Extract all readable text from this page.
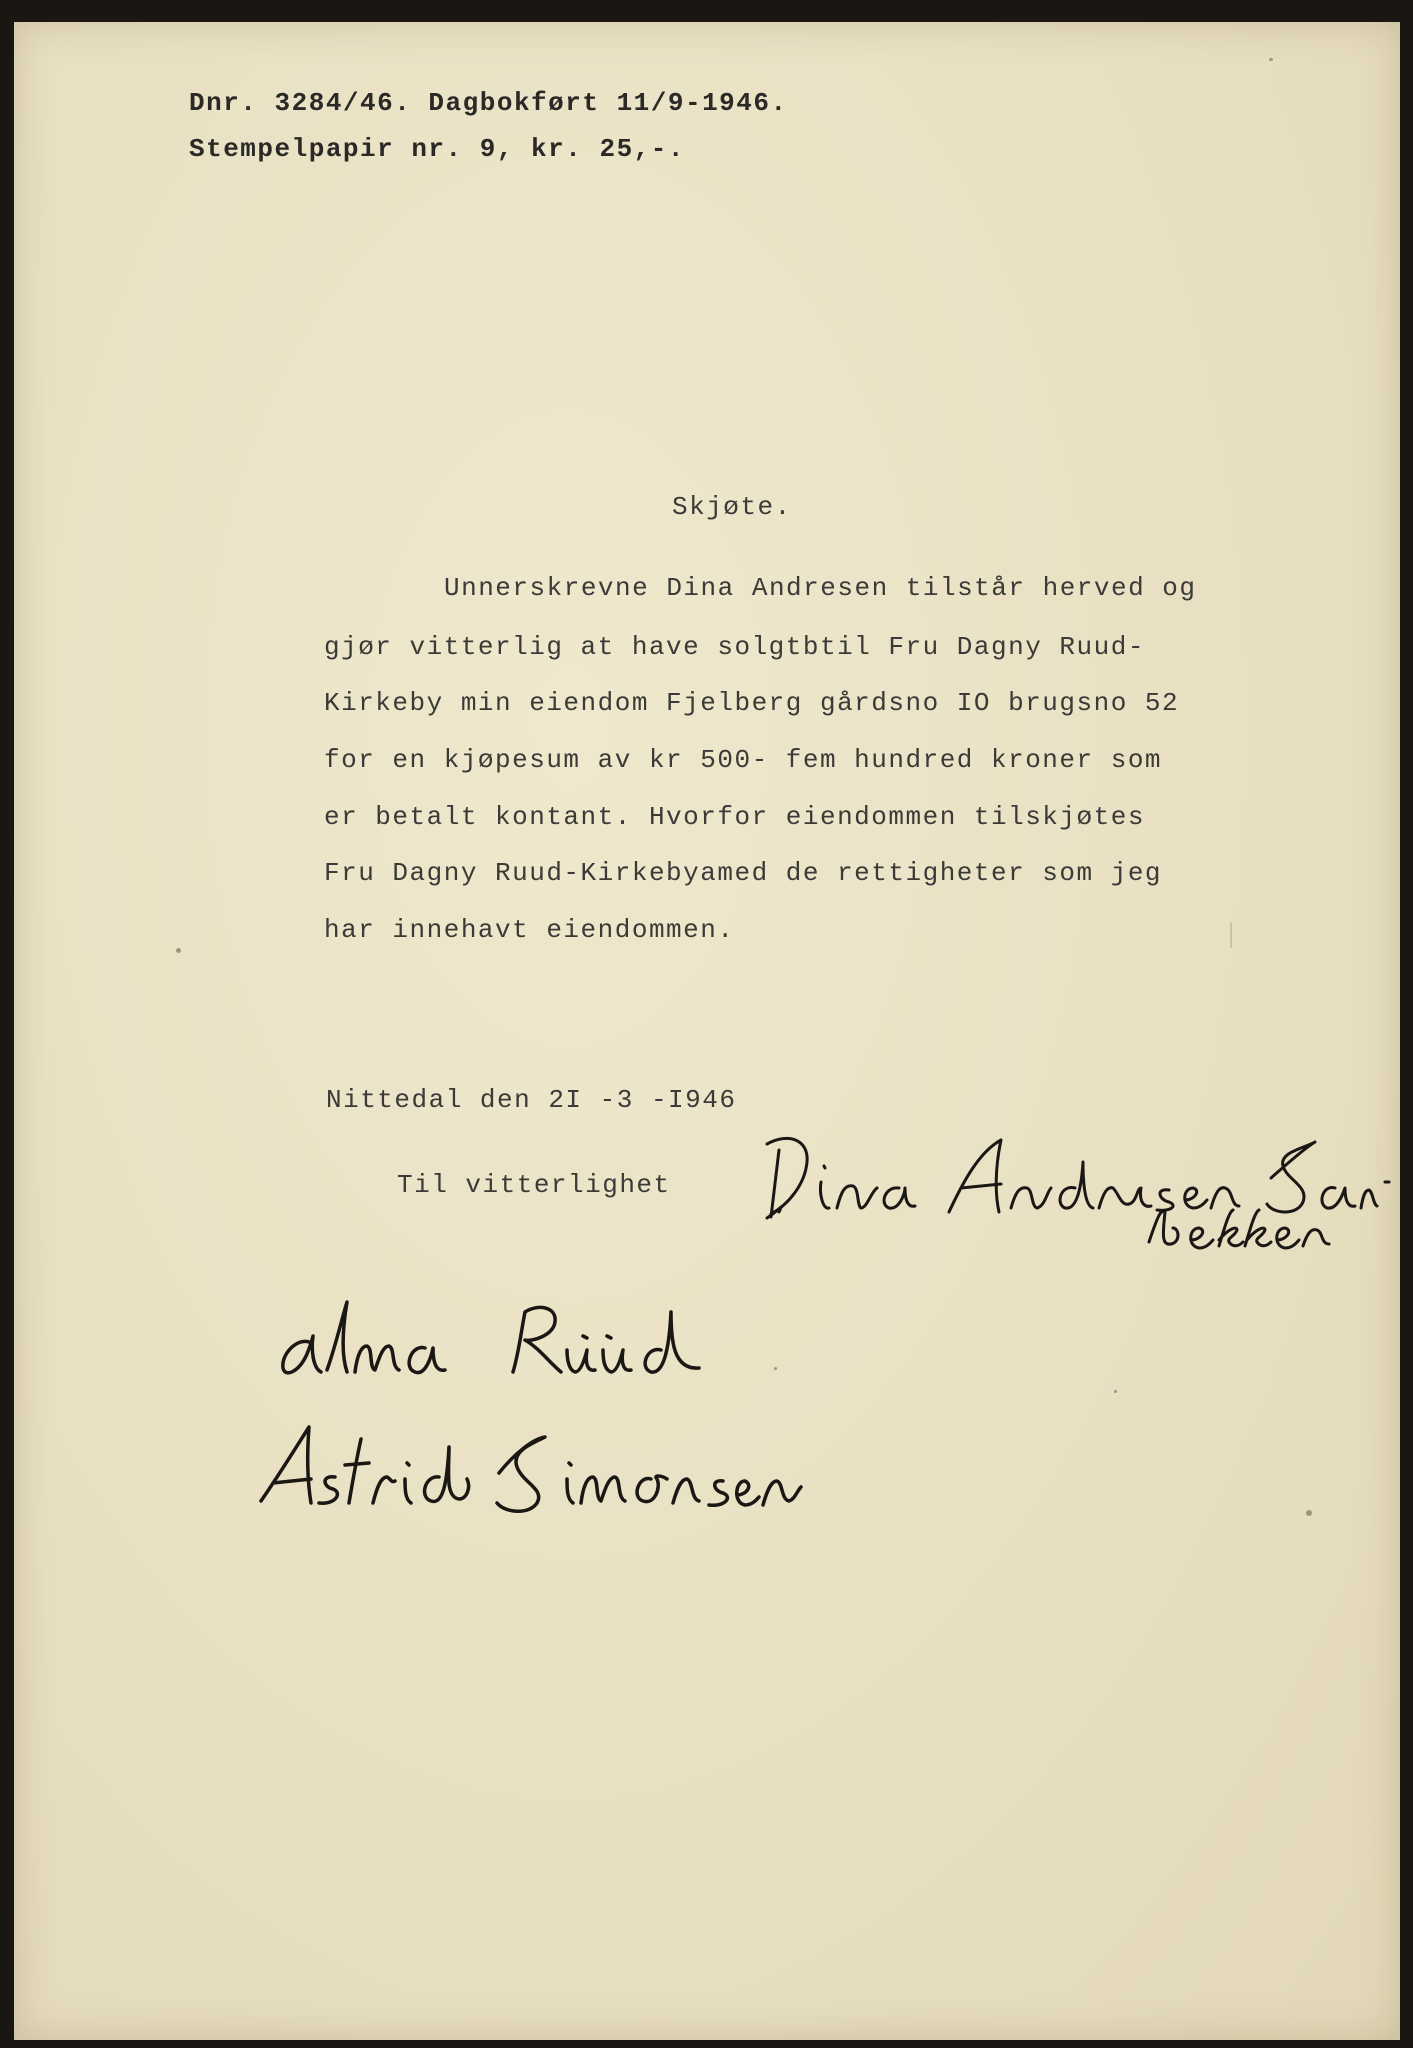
Dnr. 3284/46. Dagbokført 11/9-1946.
Stempelpapir nr. 9, kr. 25,-.
Skjøte.
Unnerskrevne Dina Andresen tilstår herved og
gjør vitterlig at have solgtbtil Fru Dagny Ruud-
Kirkeby min eiendom Fjelberg gårdsno IO brugsno 52
for en kjøpesum av kr 500- fem hundred kroner som
er betalt kontant. Hvorfor eiendommen tilskjøtes
Fru Dagny Ruud-Kirkebyamed de rettigheter som jeg
har innehavt eiendommen.
Nittedal den 2I -3 -I946
Til vitterlighet
